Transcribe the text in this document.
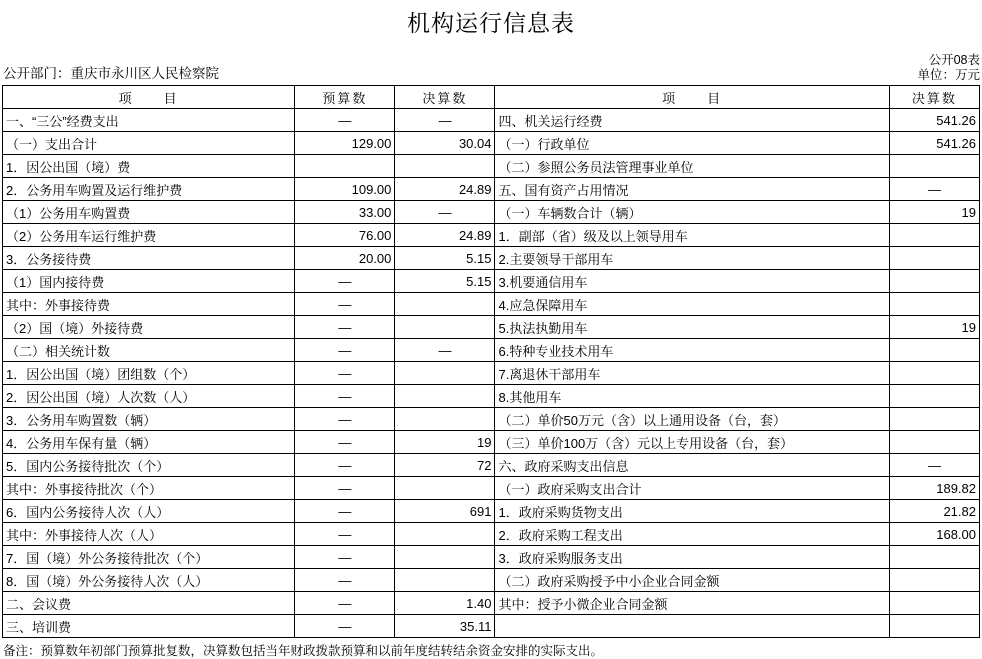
机构运行信息表
公开部门：重庆市永川区人民检察院
公开08表
单位：万元
项　　目	预算数	决算数	项　　目	决算数
一、“三公”经费支出	—	—	四、机关运行经费	541.26
（一）支出合计	129.00	30.04	（一）行政单位	541.26
1．因公出国（境）费			（二）参照公务员法管理事业单位	
2．公务用车购置及运行维护费	109.00	24.89	五、国有资产占用情况	—
（1）公务用车购置费	33.00	—	（一）车辆数合计（辆）	19
（2）公务用车运行维护费	76.00	24.89	1．副部（省）级及以上领导用车	
3．公务接待费	20.00	5.15	2.主要领导干部用车	
（1）国内接待费	—	5.15	3.机要通信用车	
其中：外事接待费	—		4.应急保障用车	
（2）国（境）外接待费	—		5.执法执勤用车	19
（二）相关统计数	—	—	6.特种专业技术用车	
1．因公出国（境）团组数（个）	—		7.离退休干部用车	
2．因公出国（境）人次数（人）	—		8.其他用车	
3．公务用车购置数（辆）	—		（二）单价50万元（含）以上通用设备（台，套）	
4．公务用车保有量（辆）	—	19	（三）单价100万（含）元以上专用设备（台，套）	
5．国内公务接待批次（个）	—	72	六、政府采购支出信息	—
其中：外事接待批次（个）	—		（一）政府采购支出合计	189.82
6．国内公务接待人次（人）	—	691	1．政府采购货物支出	21.82
其中：外事接待人次（人）	—		2．政府采购工程支出	168.00
7．国（境）外公务接待批次（个）	—		3．政府采购服务支出	
8．国（境）外公务接待人次（人）	—		（二）政府采购授予中小企业合同金额	
二、会议费	—	1.40	其中：授予小微企业合同金额	
三、培训费	—	35.11		
备注：预算数年初部门预算批复数，决算数包括当年财政拨款预算和以前年度结转结余资金安排的实际支出。
